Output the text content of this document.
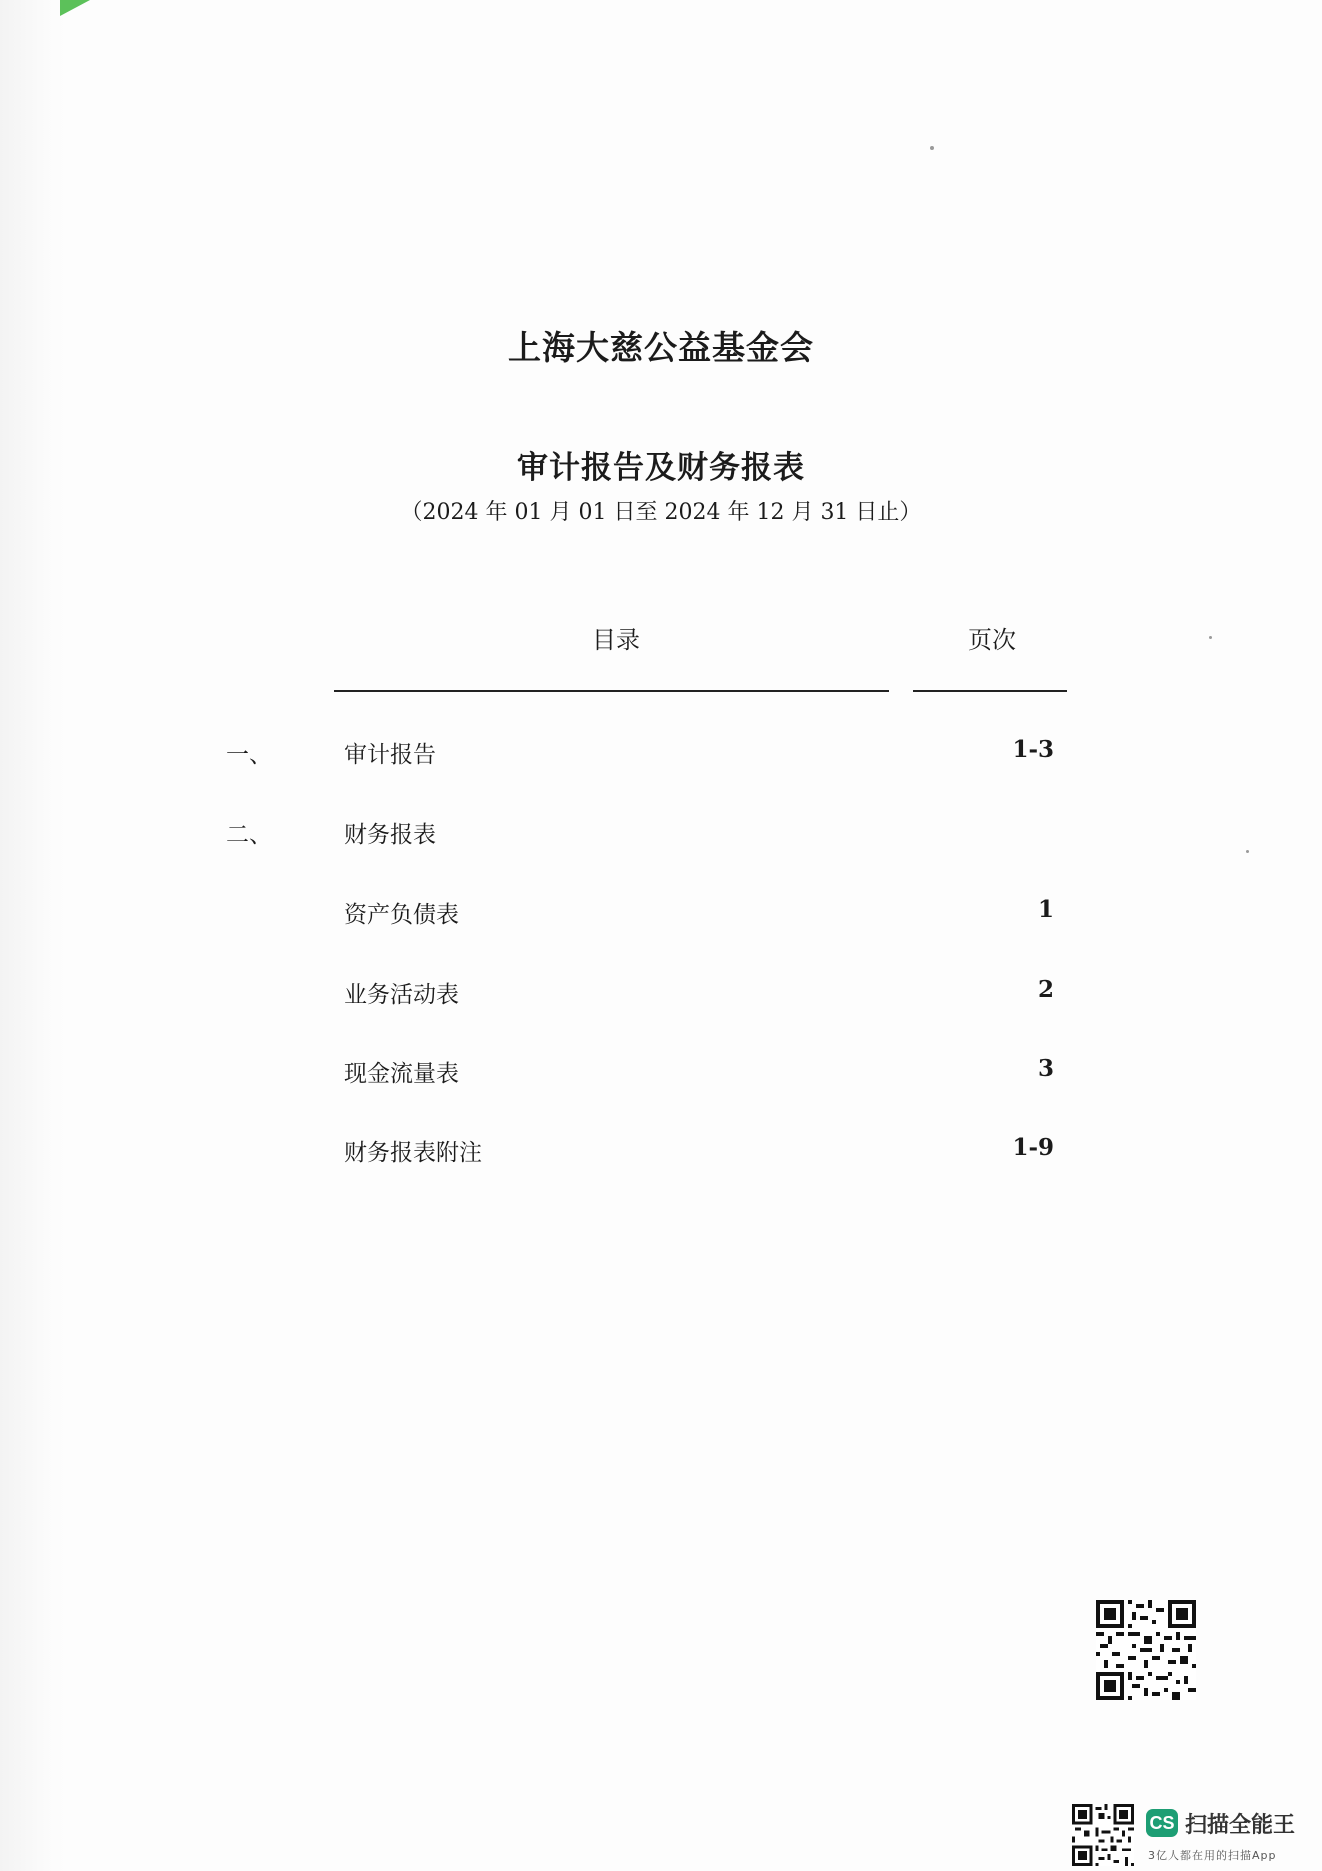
上海大慈公益基金会
审计报告及财务报表
（2024 年 01 月 01 日至 2024 年 12 月 31 日止）
目录	页次
一、	审计报告	1-3
二、	财务报表
资产负债表	1
业务活动表	2
现金流量表	3
财务报表附注	1-9
CS 扫描全能王
3亿人都在用的扫描App
